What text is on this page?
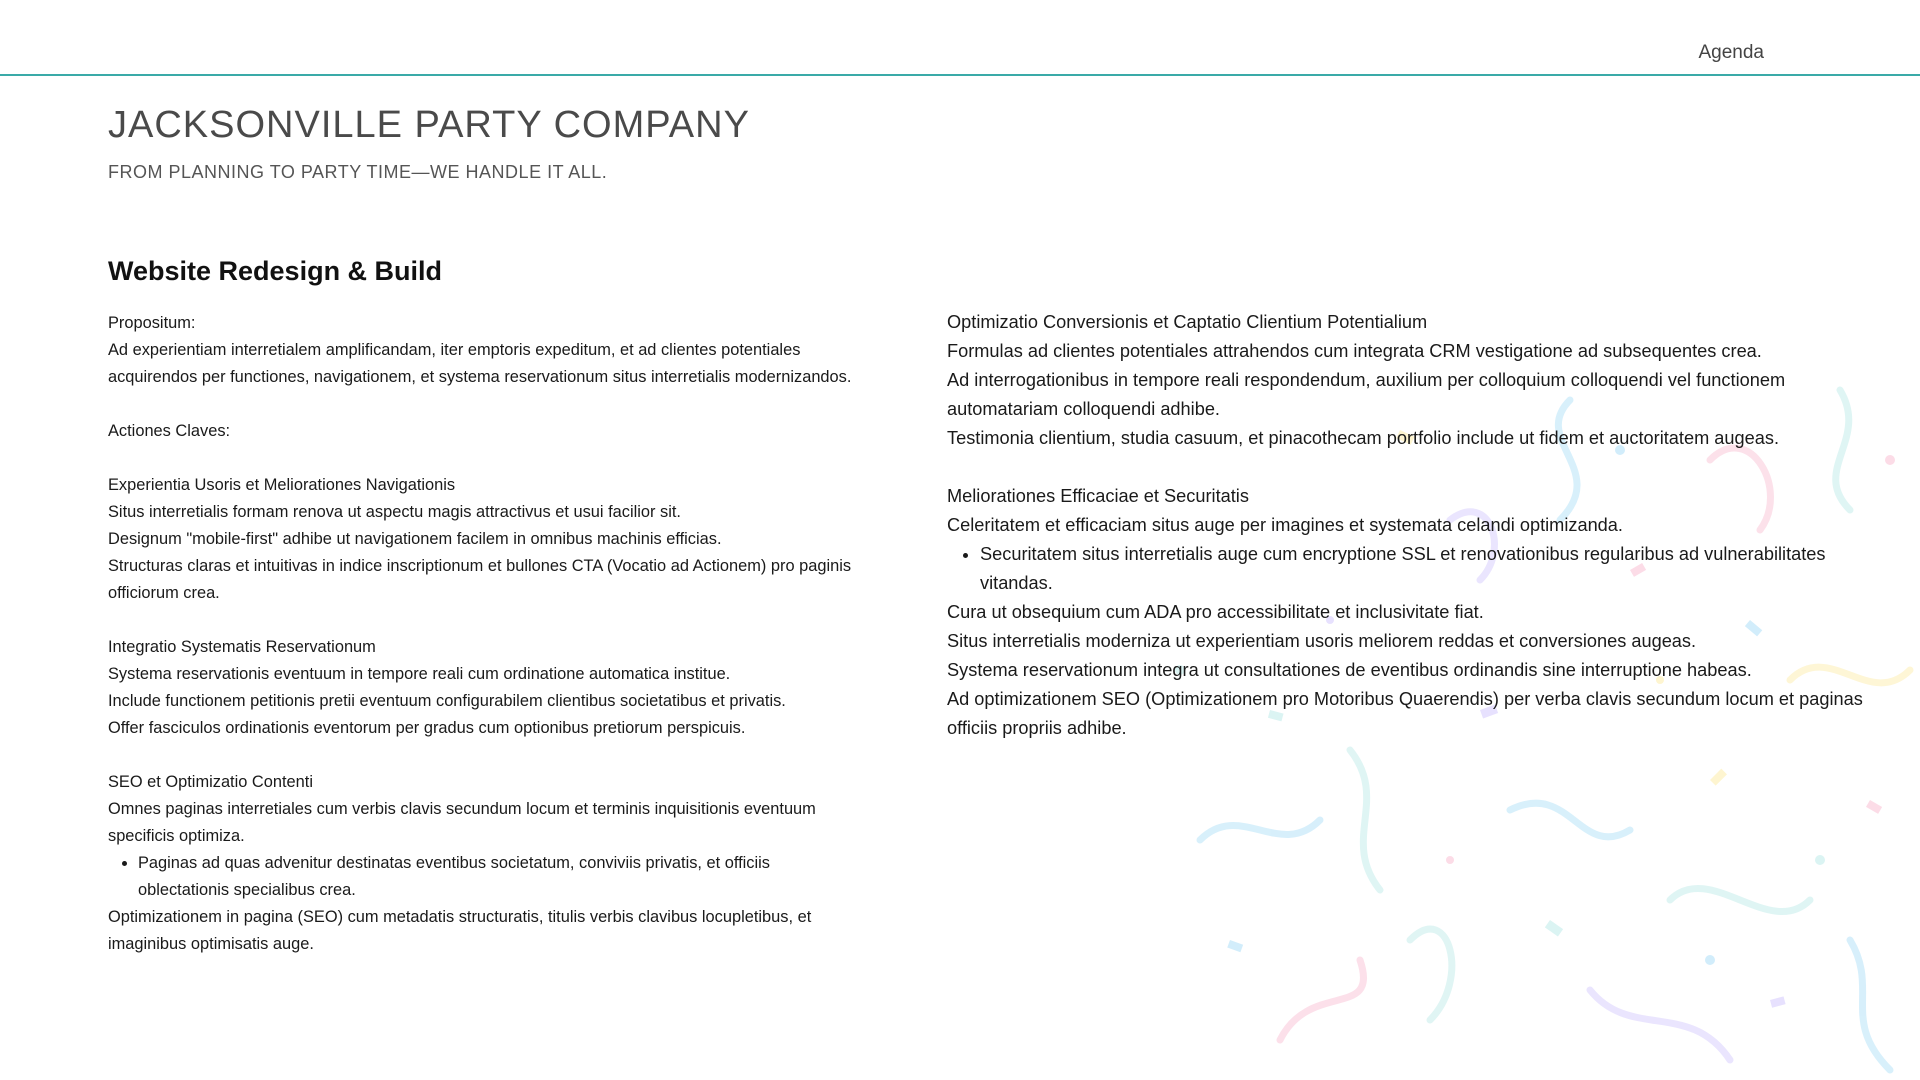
Agenda
JACKSONVILLE PARTY COMPANY

FROM PLANNING TO PARTY TIME—WE HANDLE IT ALL.

Website Redesign & Build

Propositum:

Ad experientiam interretialem amplificandam, iter emptoris expeditum, et ad clientes potentiales acquirendos per functiones, navigationem, et systema reservationum situs interretialis modernizandos.

Actiones Claves:

Experientia Usoris et Meliorationes Navigationis

Situs interretialis formam renova ut aspectu magis attractivus et usui facilior sit.

Designum "mobile-first" adhibe ut navigationem facilem in omnibus machinis efficias.

Structuras claras et intuitivas in indice inscriptionum et bullones CTA (Vocatio ad Actionem) pro paginis officiorum crea.

Integratio Systematis Reservationum

Systema reservationis eventuum in tempore reali cum ordinatione automatica institue.

Include functionem petitionis pretii eventuum configurabilem clientibus societatibus et privatis.

Offer fasciculos ordinationis eventorum per gradus cum optionibus pretiorum perspicuis.

SEO et Optimizatio Contenti

Omnes paginas interretiales cum verbis clavis secundum locum et terminis inquisitionis eventuum specificis optimiza.

• Paginas ad quas advenitur destinatas eventibus societatum, conviviis privatis, et officiis oblectationis specialibus crea.

Optimizationem in pagina (SEO) cum metadatis structuratis, titulis verbis clavibus locupletibus, et imaginibus optimisatis auge.

Optimizatio Conversionis et Captatio Clientium Potentialium

Formulas ad clientes potentiales attrahendos cum integrata CRM vestigatione ad subsequentes crea.

Ad interrogationibus in tempore reali respondendum, auxilium per colloquium colloquendi vel functionem automatariam colloquendi adhibe.

Testimonia clientium, studia casuum, et pinacothecam portfolio include ut fidem et auctoritatem augeas.

Meliorationes Efficaciae et Securitatis

Celeritatem et efficaciam situs auge per imagines et systemata celandi optimizanda.

• Securitatem situs interretialis auge cum encryptione SSL et renovationibus regularibus ad vulnerabilitates vitandas.

Cura ut obsequium cum ADA pro accessibilitate et inclusivitate fiat.

Situs interretialis moderniza ut experientiam usoris meliorem reddas et conversiones augeas.

Systema reservationum integra ut consultationes de eventibus ordinandis sine interruptione habeas.

Ad optimizationem SEO (Optimizationem pro Motoribus Quaerendis) per verba clavis secundum locum et paginas officiis propriis adhibe.
